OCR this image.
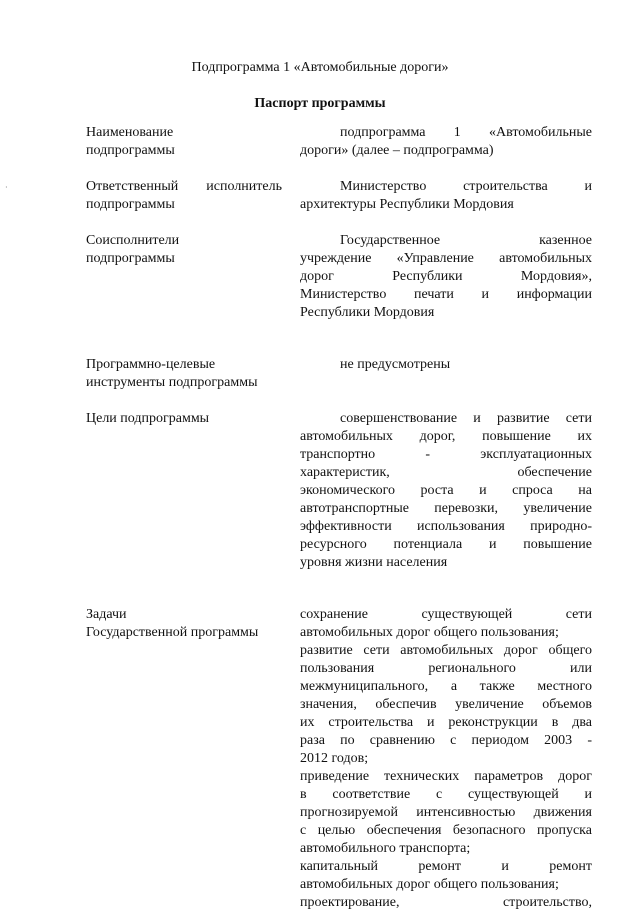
·
Подпрограмма 1 «Автомобильные дороги»
Паспорт программы
Наименование
подпрограммы
подпрограмма 1 «Автомобильные
дороги» (далее – подпрограмма)
Ответственный исполнитель
подпрограммы
Министерство строительства и
архитектуры Республики Мордовия
Соисполнители
подпрограммы
Государственное казенное
учреждение «Управление автомобильных
дорог Республики Мордовия»,
Министерство печати и информации
Республики Мордовия
Программно-целевые
инструменты подпрограммы
не предусмотрены
Цели подпрограммы	совершенствование и развитие сети
автомобильных дорог, повышение их
транспортно - эксплуатационных
характеристик, обеспечение
экономического роста и спроса на
автотранспортные перевозки, увеличение
эффективности использования природно-
ресурсного потенциала и повышение
уровня жизни населения
Задачи
Государственной программы
сохранение существующей сети
автомобильных дорог общего пользования;
развитие сети автомобильных дорог общего
пользования регионального или
межмуниципального, а также местного
значения, обеспечив увеличение объемов
их строительства и реконструкции в два
раза по сравнению с периодом 2003 -
2012 годов;
приведение технических параметров дорог
в соответствие с существующей и
прогнозируемой интенсивностью движения
с целью обеспечения безопасного пропуска
автомобильного транспорта;
капитальный ремонт и ремонт
автомобильных дорог общего пользования;
проектирование, строительство,
